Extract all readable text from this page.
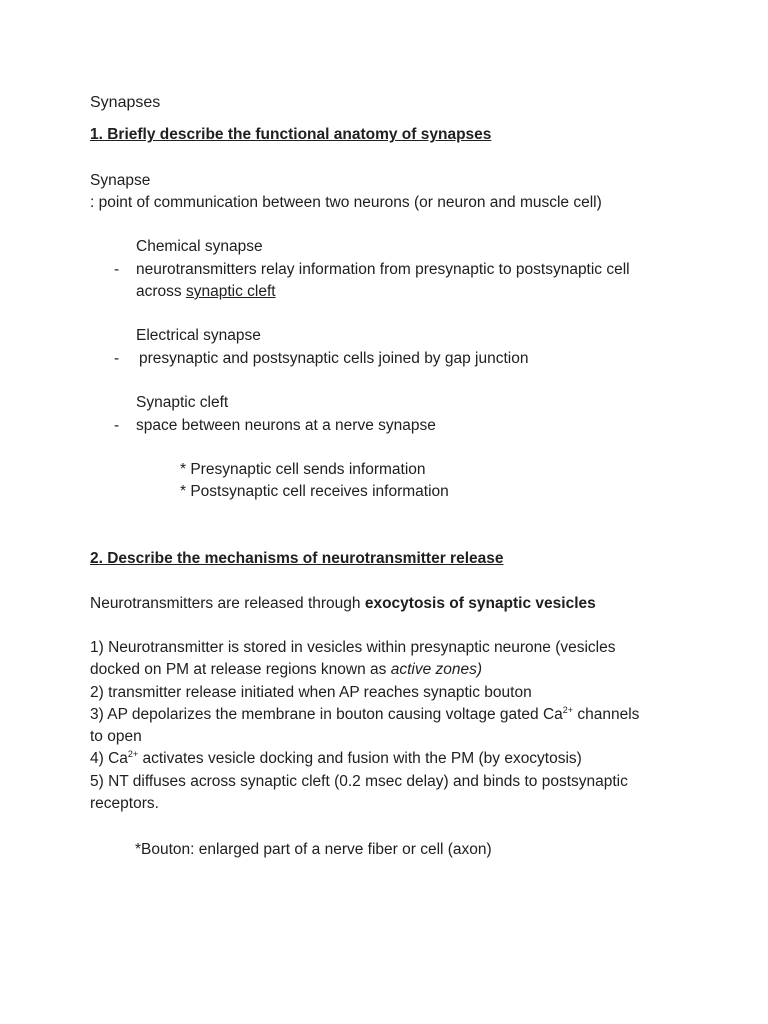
Synapses
1. Briefly describe the functional anatomy of synapses
Synapse
: point of communication between two neurons (or neuron and muscle cell)
Chemical synapse
- neurotransmitters relay information from presynaptic to postsynaptic cell
across synaptic cleft
Electrical synapse
- presynaptic and postsynaptic cells joined by gap junction
Synaptic cleft
- space between neurons at a nerve synapse
* Presynaptic cell sends information
* Postsynaptic cell receives information
2. Describe the mechanisms of neurotransmitter release
Neurotransmitters are released through exocytosis of synaptic vesicles
1) Neurotransmitter is stored in vesicles within presynaptic neurone (vesicles
docked on PM at release regions known as active zones)
2) transmitter release initiated when AP reaches synaptic bouton
3) AP depolarizes the membrane in bouton causing voltage gated $Ca^{2+}$ channels
to open
4) $Ca^{2+}$ activates vesicle docking and fusion with the PM (by exocytosis)
5) NT diffuses across synaptic cleft (0.2 msec delay) and binds to postsynaptic
receptors.
*Bouton: enlarged part of a nerve fiber or cell (axon)
